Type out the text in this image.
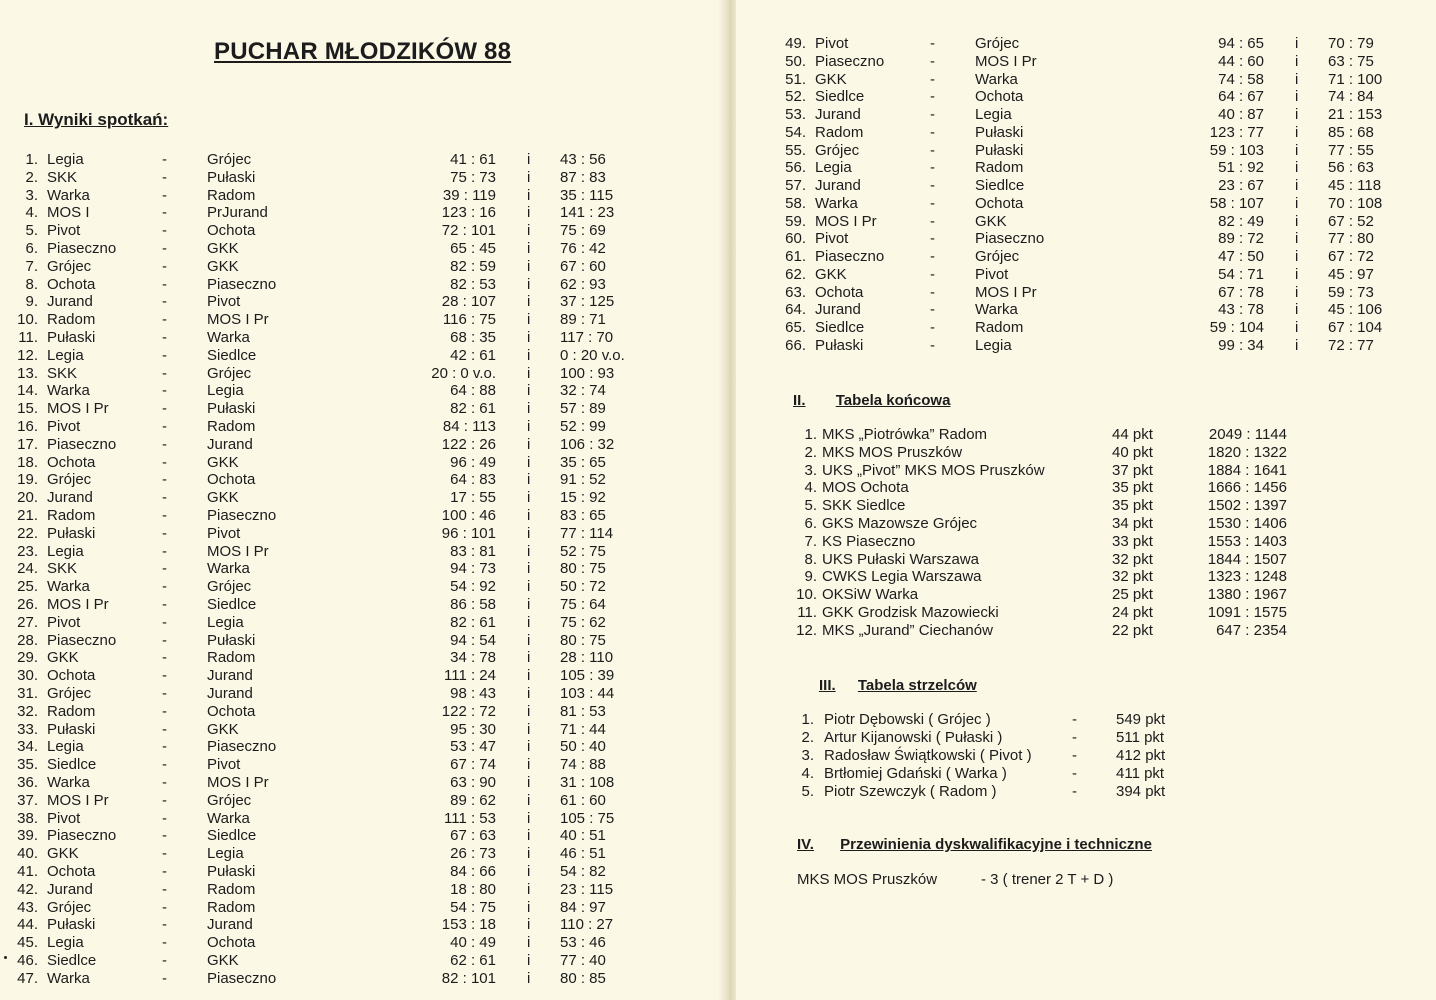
PUCHAR MŁODZIKÓW 88
I. Wyniki spotkań:
1. Legia	-	Grójec	41 : 61 i 43 : 56
2. SKK	-	Pułaski	75 : 73 i 87 : 83
3. Warka	-	Radom	39 : 119 i 35 : 115
4. MOS I	-	PrJurand	123 : 16 i 141 : 23
5. Pivot	-	Ochota	72 : 101 i 75 : 69
6. Piaseczno	-	GKK	65 : 45 i 76 : 42
7. Grójec	-	GKK	82 : 59 i 67 : 60
8. Ochota	-	Piaseczno	82 : 53 i 62 : 93
9. Jurand	-	Pivot	28 : 107 i 37 : 125
10. Radom	-	MOS I Pr	116 : 75 i 89 : 71
11. Pułaski	-	Warka	68 : 35 i 117 : 70
12. Legia	-	Siedlce	42 : 61 i 0 : 20 v.o.
13. SKK	-	Grójec	20 : 0 v.o. i 100 : 93
14. Warka	-	Legia	64 : 88 i 32 : 74
15. MOS I Pr	-	Pułaski	82 : 61 i 57 : 89
16. Pivot	-	Radom	84 : 113 i 52 : 99
17. Piaseczno	-	Jurand	122 : 26 i 106 : 32
18. Ochota	-	GKK	96 : 49 i 35 : 65
19. Grójec	-	Ochota	64 : 83 i 91 : 52
20. Jurand	-	GKK	17 : 55 i 15 : 92
21. Radom	-	Piaseczno	100 : 46 i 83 : 65
22. Pułaski	-	Pivot	96 : 101 i 77 : 114
23. Legia	-	MOS I Pr	83 : 81 i 52 : 75
24. SKK	-	Warka	94 : 73 i 80 : 75
25. Warka	-	Grójec	54 : 92 i 50 : 72
26. MOS I Pr	-	Siedlce	86 : 58 i 75 : 64
27. Pivot	-	Legia	82 : 61 i 75 : 62
28. Piaseczno	-	Pułaski	94 : 54 i 80 : 75
29. GKK	-	Radom	34 : 78 i 28 : 110
30. Ochota	-	Jurand	111 : 24 i 105 : 39
31. Grójec	-	Jurand	98 : 43 i 103 : 44
32. Radom	-	Ochota	122 : 72 i 81 : 53
33. Pułaski	-	GKK	95 : 30 i 71 : 44
34. Legia	-	Piaseczno	53 : 47 i 50 : 40
35. Siedlce	-	Pivot	67 : 74 i 74 : 88
36. Warka	-	MOS I Pr	63 : 90 i 31 : 108
37. MOS I Pr	-	Grójec	89 : 62 i 61 : 60
38. Pivot	-	Warka	111 : 53 i 105 : 75
39. Piaseczno	-	Siedlce	67 : 63 i 40 : 51
40. GKK	-	Legia	26 : 73 i 46 : 51
41. Ochota	-	Pułaski	84 : 66 i 54 : 82
42. Jurand	-	Radom	18 : 80 i 23 : 115
43. Grójec	-	Radom	54 : 75 i 84 : 97
44. Pułaski	-	Jurand	153 : 18 i 110 : 27
45. Legia	-	Ochota	40 : 49 i 53 : 46
46. Siedlce	-	GKK	62 : 61 i 77 : 40
47. Warka	-	Piaseczno	82 : 101 i 80 : 85
49. Pivot	-	Grójec	94 : 65 i 70 : 79
50. Piaseczno	-	MOS I Pr	44 : 60 i 63 : 75
51. GKK	-	Warka	74 : 58 i 71 : 100
52. Siedlce	-	Ochota	64 : 67 i 74 : 84
53. Jurand	-	Legia	40 : 87 i 21 : 153
54. Radom	-	Pułaski	123 : 77 i 85 : 68
55. Grójec	-	Pułaski	59 : 103 i 77 : 55
56. Legia	-	Radom	51 : 92 i 56 : 63
57. Jurand	-	Siedlce	23 : 67 i 45 : 118
58. Warka	-	Ochota	58 : 107 i 70 : 108
59. MOS I Pr	-	GKK	82 : 49 i 67 : 52
60. Pivot	-	Piaseczno	89 : 72 i 77 : 80
61. Piaseczno	-	Grójec	47 : 50 i 67 : 72
62. GKK	-	Pivot	54 : 71 i 45 : 97
63. Ochota	-	MOS I Pr	67 : 78 i 59 : 73
64. Jurand	-	Warka	43 : 78 i 45 : 106
65. Siedlce	-	Radom	59 : 104 i 67 : 104
66. Pułaski	-	Legia	99 : 34 i 72 : 77
II. Tabela końcowa
1. MKS „Piotrówka” Radom	44 pkt	2049 : 1144
2. MKS MOS Pruszków	40 pkt	1820 : 1322
3. UKS „Pivot” MKS MOS Pruszków	37 pkt	1884 : 1641
4. MOS Ochota	35 pkt	1666 : 1456
5. SKK Siedlce	35 pkt	1502 : 1397
6. GKS Mazowsze Grójec	34 pkt	1530 : 1406
7. KS Piaseczno	33 pkt	1553 : 1403
8. UKS Pułaski Warszawa	32 pkt	1844 : 1507
9. CWKS Legia Warszawa	32 pkt	1323 : 1248
10. OKSiW Warka	25 pkt	1380 : 1967
11. GKK Grodzisk Mazowiecki	24 pkt	1091 : 1575
12. MKS „Jurand” Ciechanów	22 pkt	647 : 2354
III. Tabela strzelców
1. Piotr Dębowski ( Grójec )	-	549 pkt
2. Artur Kijanowski ( Pułaski )	-	511 pkt
3. Radosław Świątkowski ( Pivot )	-	412 pkt
4. Brtłomiej Gdański ( Warka )	-	411 pkt
5. Piotr Szewczyk ( Radom )	-	394 pkt
IV. Przewinienia dyskwalifikacyjne i techniczne
MKS MOS Pruszków	- 3 ( trener 2 T + D )
